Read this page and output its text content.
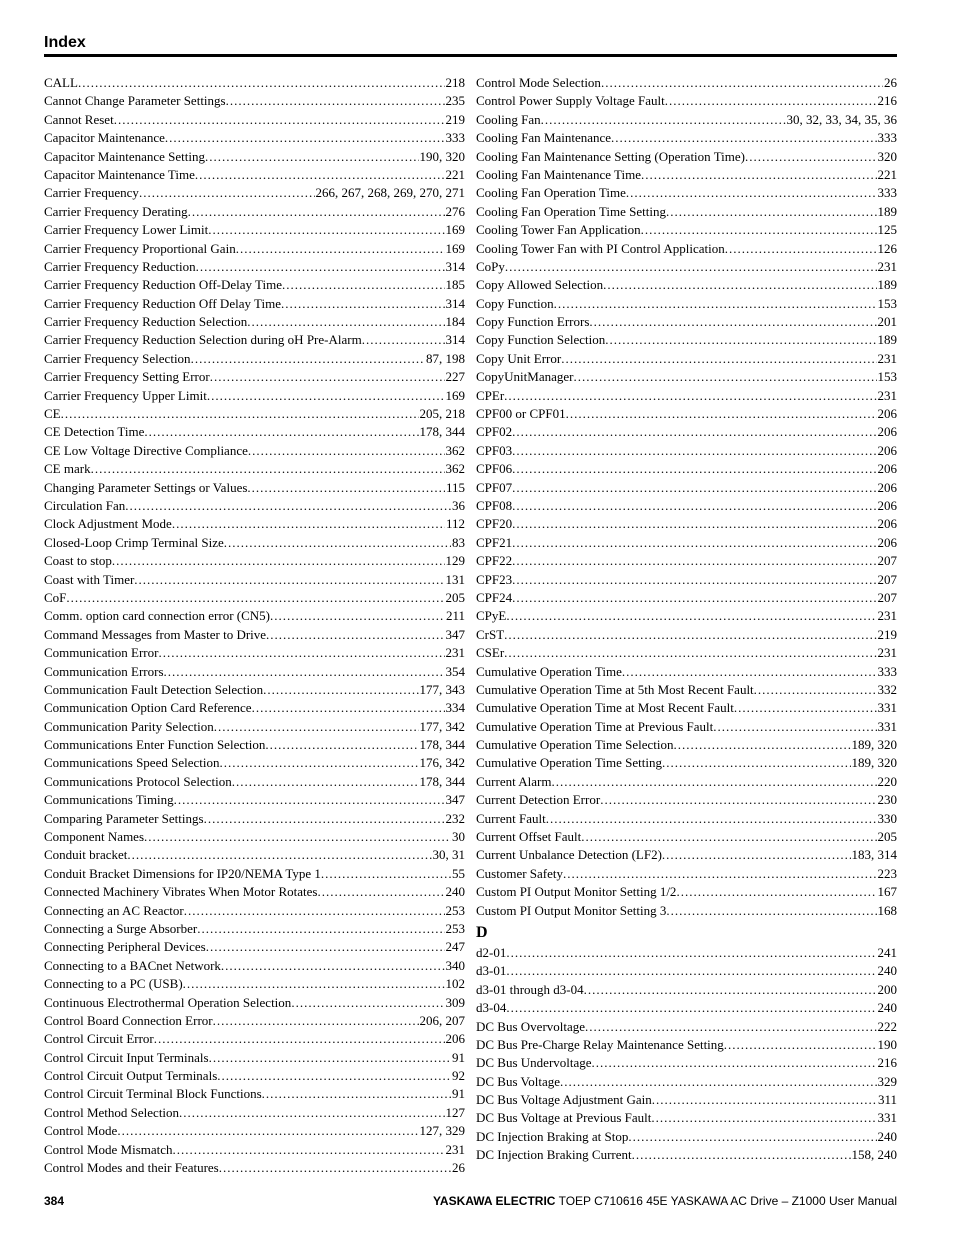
Index
CALL .....	218
Cannot Change Parameter Settings .....	235
Cannot Reset .....	219
Capacitor Maintenance .....	333
Capacitor Maintenance Setting .....	190, 320
Capacitor Maintenance Time .....	221
Carrier Frequency .....	266, 267, 268, 269, 270, 271
Carrier Frequency Derating .....	276
Carrier Frequency Lower Limit .....	169
Carrier Frequency Proportional Gain .....	169
Carrier Frequency Reduction .....	314
Carrier Frequency Reduction Off-Delay Time .....	185
Carrier Frequency Reduction Off Delay Time .....	314
Carrier Frequency Reduction Selection .....	184
Carrier Frequency Reduction Selection during oH Pre-Alarm .....	314
Carrier Frequency Selection .....	87, 198
Carrier Frequency Setting Error .....	227
Carrier Frequency Upper Limit .....	169
CE .....	205, 218
CE Detection Time .....	178, 344
CE Low Voltage Directive Compliance .....	362
CE mark .....	362
Changing Parameter Settings or Values .....	115
Circulation Fan .....	36
Clock Adjustment Mode .....	112
Closed-Loop Crimp Terminal Size .....	83
Coast to stop .....	129
Coast with Timer .....	131
CoF .....	205
Comm. option card connection error (CN5) .....	211
Command Messages from Master to Drive .....	347
Communication Error .....	231
Communication Errors .....	354
Communication Fault Detection Selection .....	177, 343
Communication Option Card Reference .....	334
Communication Parity Selection .....	177, 342
Communications Enter Function Selection .....	178, 344
Communications Speed Selection .....	176, 342
Communications Protocol Selection .....	178, 344
Communications Timing .....	347
Comparing Parameter Settings .....	232
Component Names .....	30
Conduit bracket .....	30, 31
Conduit Bracket Dimensions for IP20/NEMA Type 1 .....	55
Connected Machinery Vibrates When Motor Rotates .....	240
Connecting an AC Reactor .....	253
Connecting a Surge Absorber .....	253
Connecting Peripheral Devices .....	247
Connecting to a BACnet Network .....	340
Connecting to a PC (USB) .....	102
Continuous Electrothermal Operation Selection .....	309
Control Board Connection Error .....	206, 207
Control Circuit Error .....	206
Control Circuit Input Terminals .....	91
Control Circuit Output Terminals .....	92
Control Circuit Terminal Block Functions .....	91
Control Method Selection .....	127
Control Mode .....	127, 329
Control Mode Mismatch .....	231
Control Modes and their Features .....	26
Control Mode Selection .....	26
Control Power Supply Voltage Fault .....	216
Cooling Fan .....	30, 32, 33, 34, 35, 36
Cooling Fan Maintenance .....	333
Cooling Fan Maintenance Setting (Operation Time) .....	320
Cooling Fan Maintenance Time .....	221
Cooling Fan Operation Time .....	333
Cooling Fan Operation Time Setting .....	189
Cooling Tower Fan Application .....	125
Cooling Tower Fan with PI Control Application .....	126
CoPy .....	231
Copy Allowed Selection .....	189
Copy Function .....	153
Copy Function Errors .....	201
Copy Function Selection .....	189
Copy Unit Error .....	231
CopyUnitManager .....	153
CPEr .....	231
CPF00 or CPF01 .....	206
CPF02 .....	206
CPF03 .....	206
CPF06 .....	206
CPF07 .....	206
CPF08 .....	206
CPF20 .....	206
CPF21 .....	206
CPF22 .....	207
CPF23 .....	207
CPF24 .....	207
CPyE .....	231
CrST .....	219
CSEr .....	231
Cumulative Operation Time .....	333
Cumulative Operation Time at 5th Most Recent Fault .....	332
Cumulative Operation Time at Most Recent Fault .....	331
Cumulative Operation Time at Previous Fault .....	331
Cumulative Operation Time Selection .....	189, 320
Cumulative Operation Time Setting .....	189, 320
Current Alarm .....	220
Current Detection Error .....	230
Current Fault .....	330
Current Offset Fault .....	205
Current Unbalance Detection (LF2) .....	183, 314
Customer Safety .....	223
Custom PI Output Monitor Setting 1/2 .....	167
Custom PI Output Monitor Setting 3 .....	168
D
d2-01 .....	241
d3-01 .....	240
d3-01 through d3-04 .....	200
d3-04 .....	240
DC Bus Overvoltage .....	222
DC Bus Pre-Charge Relay Maintenance Setting .....	190
DC Bus Undervoltage .....	216
DC Bus Voltage .....	329
DC Bus Voltage Adjustment Gain .....	311
DC Bus Voltage at Previous Fault .....	331
DC Injection Braking at Stop .....	240
DC Injection Braking Current .....	158, 240
384	YASKAWA ELECTRIC TOEP C710616 45E YASKAWA AC Drive – Z1000 User Manual
